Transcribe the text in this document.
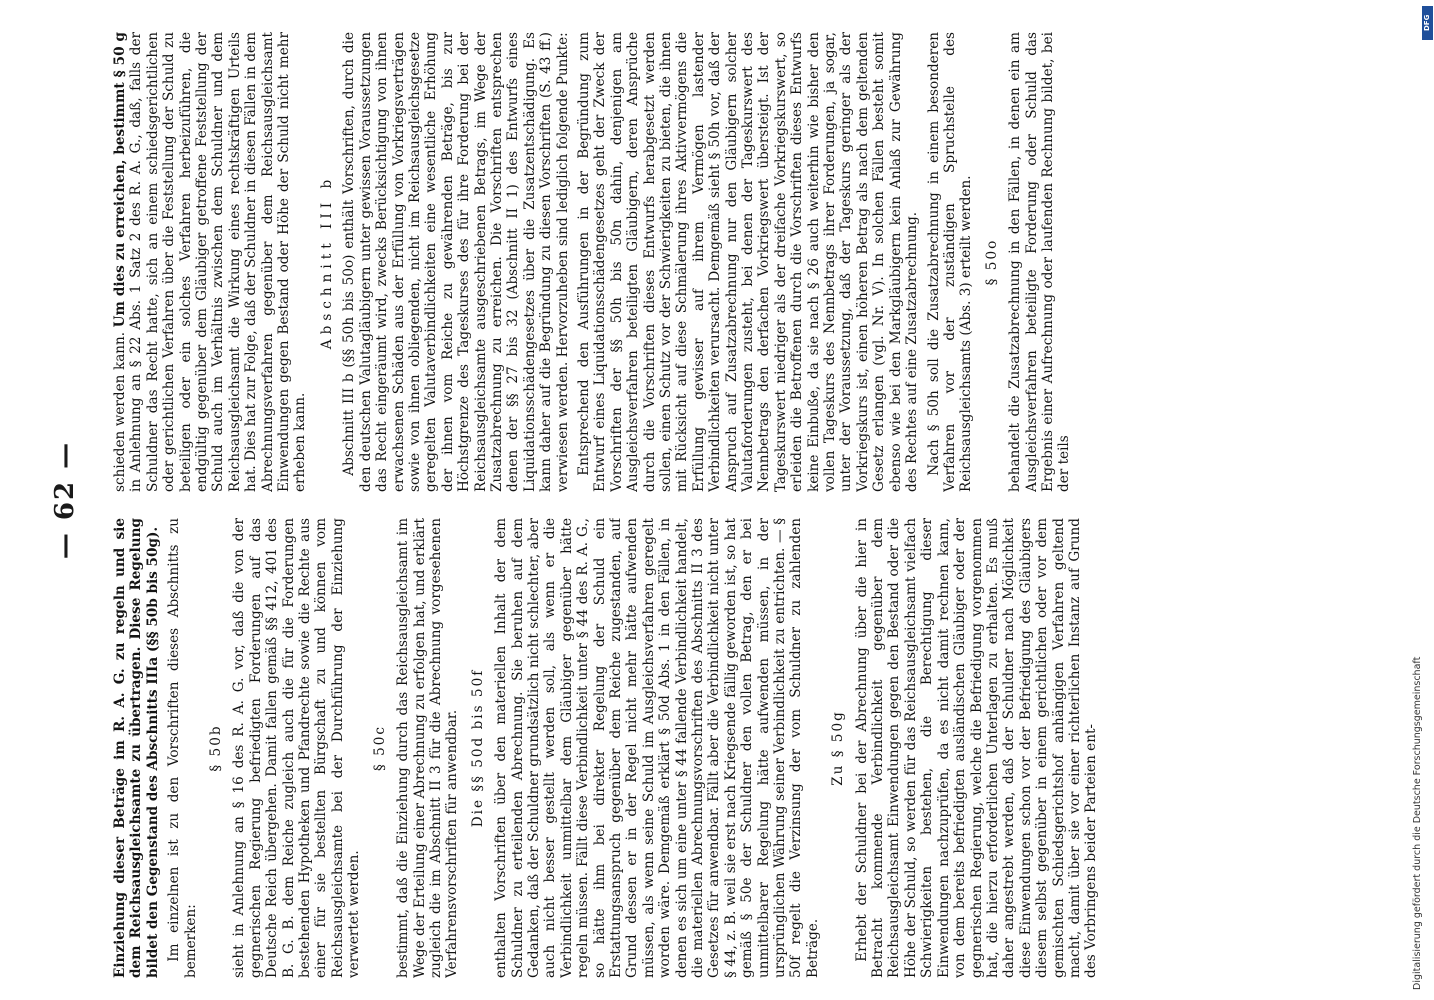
— 62 —

Einziehung dieser Beträge im R. A. G. zu regeln und sie dem Reichsausgleichsamte zu übertragen. Diese Regelung bildet den Gegenstand des Abschnitts IIIa (§§ 50b bis 50g). Im einzelnen ist zu den Vorschriften dieses Abschnitts zu bemerken:

§ 50b sieht in Anlehnung an § 16 des R. A. G. vor, daß die von der gegnerischen Regierung befriedigten Forderungen auf das Deutsche Reich übergehen. Damit fallen gemäß §§ 412, 401 des B. G. B. dem Reiche zugleich auch die für die Forderungen bestehenden Hypotheken und Pfandrechte sowie die Rechte aus einer für sie bestellten Bürgschaft zu und können vom Reichsausgleichsamte bei der Durchführung der Einziehung verwertet werden.

§ 50c bestimmt, daß die Einziehung durch das Reichsausgleichsamt im Wege der Erteilung einer Abrechnung zu erfolgen hat, und erklärt zugleich die im Abschnitt II 3 für die Abrechnung vorgesehenen Verfahrensvorschriften für anwendbar. Die §§ 50d bis 50f enthalten Vorschriften über den materiellen Inhalt der dem Schuldner zu erteilenden Abrechnung. Sie beruhen auf dem Gedanken, daß der Schuldner grundsätzlich nicht schlechter, aber auch nicht besser gestellt werden soll, als wenn er die Verbindlichkeit unmittelbar dem Gläubiger gegenüber hätte regeln müssen. Fällt diese Verbindlichkeit unter § 44 des R. A. G., so hätte ihm bei direkter Regelung der Schuld ein Erstattungsanspruch gegenüber dem Reiche zugestanden, auf Grund dessen er in der Regel nicht mehr hätte aufwenden müssen, als wenn seine Schuld im Ausgleichsverfahren geregelt worden wäre. Demgemäß erklärt § 50d Abs. 1 in den Fällen, in denen es sich um eine unter § 44 fallende Verbindlichkeit handelt, die materiellen Abrechnungsvorschriften des Abschnitts II 3 des Gesetzes für anwendbar. Fällt aber die Verbindlichkeit nicht unter § 44, z. B. weil sie erst nach Kriegsende fällig geworden ist, so hat gemäß § 50e der Schuldner den vollen Betrag, den er bei unmittelbarer Regelung hätte aufwenden müssen, in der ursprünglichen Währung seiner Verbindlichkeit zu entrichten. — § 50f regelt die Verzinsung der vom Schuldner zu zahlenden Beträge.

Zu § 50g Erhebt der Schuldner bei der Abrechnung über die hier in Betracht kommende Verbindlichkeit gegenüber dem Reichsausgleichsamt Einwendungen gegen den Bestand oder die Höhe der Schuld, so werden für das Reichsausgleichsamt vielfach Schwierigkeiten bestehen, die Berechtigung dieser Einwendungen nachzuprüfen, da es nicht damit rechnen kann, von dem bereits befriedigten ausländischen Gläubiger oder der gegnerischen Regierung, welche die Befriedigung vorgenommen hat, die hierzu erforderlichen Unterlagen zu erhalten. Es muß daher angestrebt werden, daß der Schuldner nach Möglichkeit diese Einwendungen schon vor der Befriedigung des Gläubigers diesem selbst gegenüber in einem gerichtlichen oder vor dem gemischten Schiedsgerichtshof anhängigen Verfahren geltend macht, damit über sie vor einer richterlichen Instanz auf Grund des Vorbringens beider Parteien ent-

schieden werden kann. Um dies zu erreichen, bestimmt § 50 g in Anlehnung an § 22 Abs. 1 Satz 2 des R. A. G., daß, falls der Schuldner das Recht hatte, sich an einem schiedsgerichtlichen oder gerichtlichen Verfahren über die Feststellung der Schuld zu beteiligen oder ein solches Verfahren herbeizuführen, die endgültig gegenüber dem Gläubiger getroffene Feststellung der Schuld auch im Verhältnis zwischen dem Schuldner und dem Reichsausgleichsamt die Wirkung eines rechtskräftigen Urteils hat. Dies hat zur Folge, daß der Schuldner in diesen Fällen in dem Abrechnungsverfahren gegenüber dem Reichsausgleichsamt Einwendungen gegen Bestand oder Höhe der Schuld nicht mehr erheben kann.

Abschnitt III b Abschnitt III b (§§ 50h bis 50o) enthält Vorschriften, durch die den deutschen Valutagläubigern unter gewissen Voraussetzungen das Recht eingeräumt wird, zwecks Berücksichtigung von ihnen erwachsenen Schäden aus der Erfüllung von Vorkriegsverträgen sowie von ihnen obliegenden, nicht im Reichsausgleichsgesetze geregelten Valutaverbindlichkeiten eine wesentliche Erhöhung der ihnen vom Reiche zu gewährenden Beträge, bis zur Höchstgrenze des Tageskurses des für ihre Forderung bei der Reichsausgleichsamte ausgeschriebenen Betrags, im Wege der Zusatzabrechnung zu erreichen. Die Vorschriften entsprechen denen der §§ 27 bis 32 (Abschnitt II 1) des Entwurfs eines Liquidationsschädengesetzes über die Zusatzentschädigung. Es kann daher auf die Begründung zu diesen Vorschriften (S. 43 ff.) verwiesen werden. Hervorzuheben sind lediglich folgende Punkte: Entsprechend den Ausführungen in der Begründung zum Entwurf eines Liquidationsschädengesetzes geht der Zweck der Vorschriften der §§ 50h bis 50n dahin, denjenigen am Ausgleichsverfahren beteiligten Gläubigern, deren Ansprüche durch die Vorschriften dieses Entwurfs herabgesetzt werden sollen, einen Schutz vor der Schwierigkeiten zu bieten, die ihnen mit Rücksicht auf diese Schmälerung ihres Aktivvermögens die Erfüllung gewisser auf ihrem Vermögen lastender Verbindlichkeiten verursacht. Demgemäß sieht § 50h vor, daß der Anspruch auf Zusatzabrechnung nur den Gläubigern solcher Valutaforderungen zusteht, bei denen der Tageskurswert des Nennbetrags den derfachen Vorkriegswert übersteigt. Ist der Tageskurswert niedriger als der dreifache Vorkriegskurswert, so erleiden die Betroffenen durch die Vorschriften dieses Entwurfs keine Einbuße, da sie nach § 26 auch weiterhin wie bisher den vollen Tageskurs des Nennbetrags ihrer Forderungen, ja sogar, unter der Voraussetzung, daß der Tageskurs geringer als der Vorkriegskurs ist, einen höheren Betrag als nach dem geltenden Gesetz erlangen (vgl. Nr. V). In solchen Fällen besteht somit ebenso wie bei den Markgläubigern kein Anlaß zur Gewährung des Rechtes auf eine Zusatzabrechnung. Nach § 50h soll die Zusatzabrechnung in einem besonderen Verfahren vor der zuständigen Spruchstelle des Reichsausgleichsamts (Abs. 3) erteilt werden. § 50o behandelt die Zusatzabrechnung in den Fällen, in denen ein am Ausgleichsverfahren beteiligte Forderung oder Schuld das Ergebnis einer Aufrechnung oder laufenden Rechnung bildet, bei der teils

Digitalisierung gefördert durch die Deutsche Forschungsgemeinschaft
DFG
